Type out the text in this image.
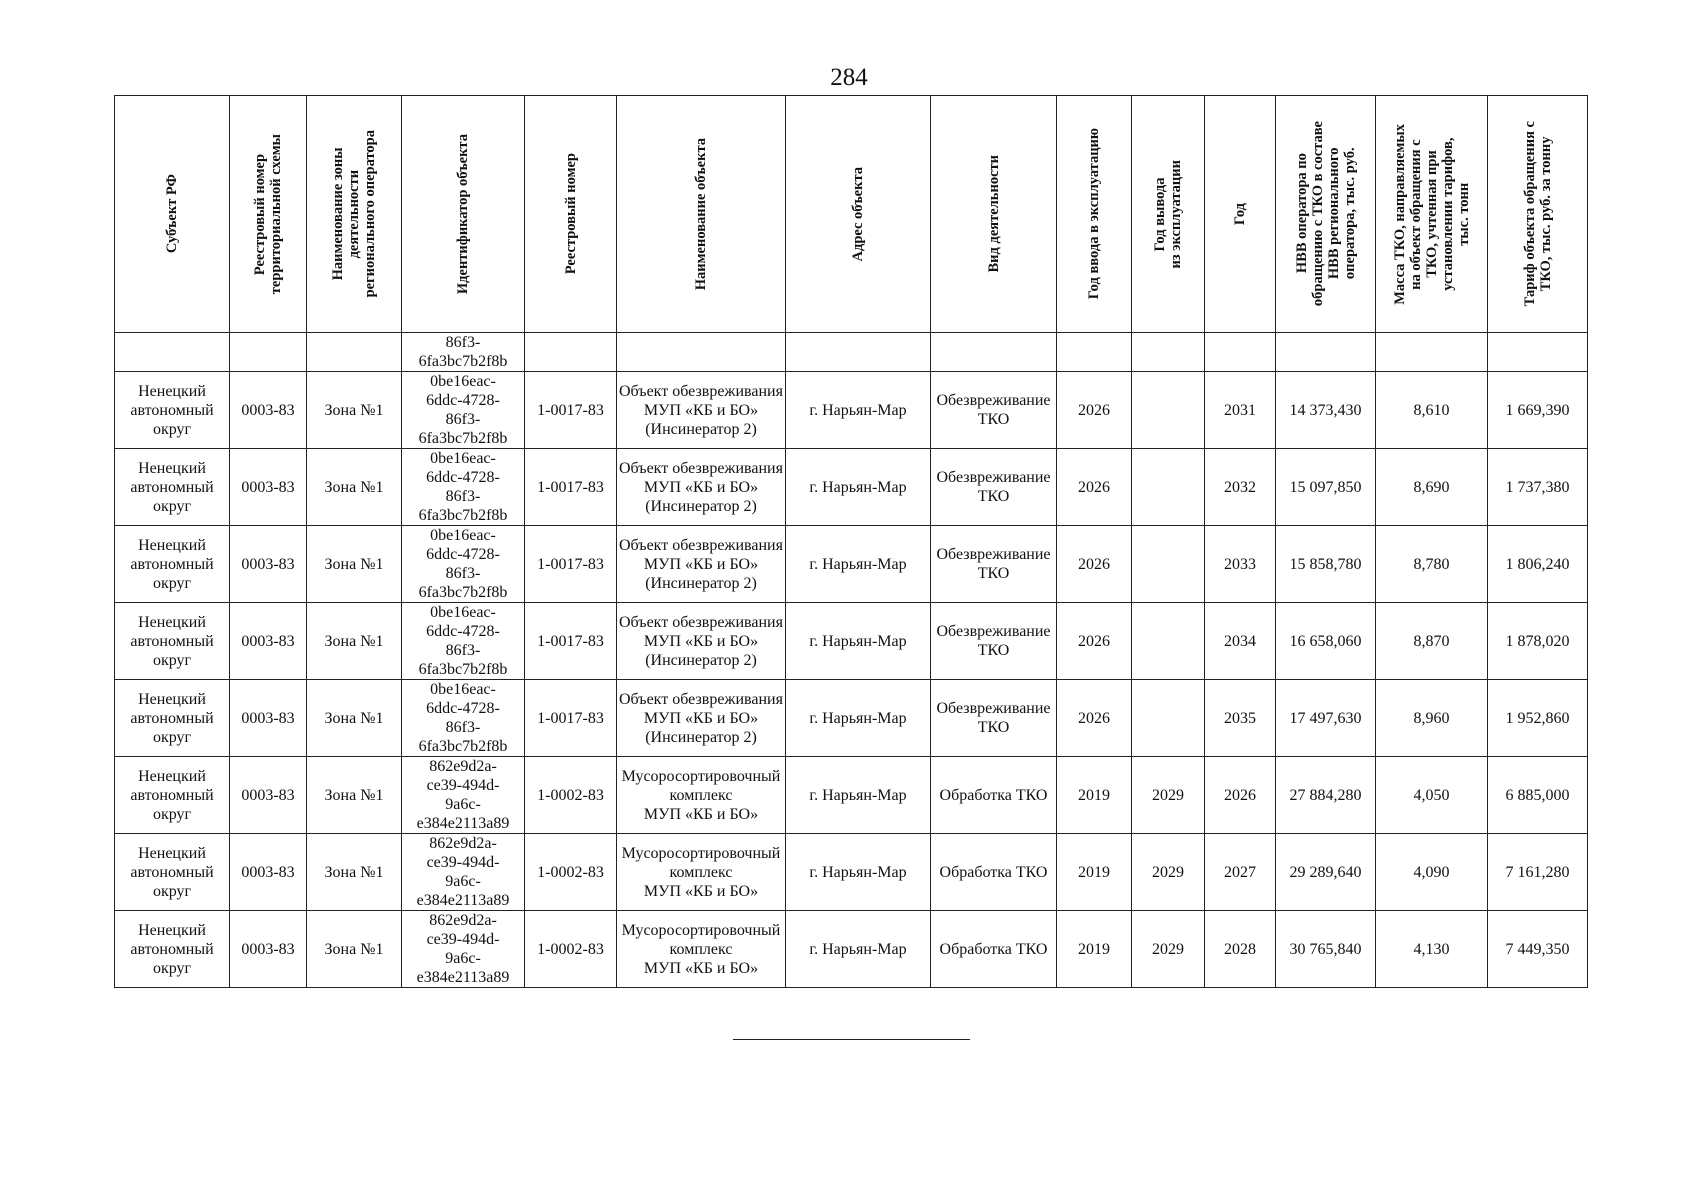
284
Субъект РФ	Реестровый номер
территориальной схемы	Наименование зоны
деятельности
регионального оператора	Идентификатор объекта	Реестровый номер	Наименование объекта	Адрес объекта	Вид деятельности	Год ввода в эксплуатацию	Год вывода
из эксплуатации	Год	НВВ оператора по
обращению с ТКО в составе
НВВ регионального
оператора, тыс. руб.	Масса ТКО, направляемых
на объект обращения с
ТКО, учтенная при
установлении тарифов,
тыс. тонн	Тариф объекта обращения с
ТКО, тыс. руб. за тонну

			86f3-
6fa3bc7b2f8b										
Ненецкий
автономный
округ	0003-83	Зона №1	0be16eac-
6ddc-4728-
86f3-
6fa3bc7b2f8b	1-0017-83	Объект обезвреживания
МУП «КБ и БО»
(Инсинератор 2)	г. Нарьян-Мар	Обезвреживание
ТКО	2026		2031	14 373,430	8,610	1 669,390
Ненецкий
автономный
округ	0003-83	Зона №1	0be16eac-
6ddc-4728-
86f3-
6fa3bc7b2f8b	1-0017-83	Объект обезвреживания
МУП «КБ и БО»
(Инсинератор 2)	г. Нарьян-Мар	Обезвреживание
ТКО	2026		2032	15 097,850	8,690	1 737,380
Ненецкий
автономный
округ	0003-83	Зона №1	0be16eac-
6ddc-4728-
86f3-
6fa3bc7b2f8b	1-0017-83	Объект обезвреживания
МУП «КБ и БО»
(Инсинератор 2)	г. Нарьян-Мар	Обезвреживание
ТКО	2026		2033	15 858,780	8,780	1 806,240
Ненецкий
автономный
округ	0003-83	Зона №1	0be16eac-
6ddc-4728-
86f3-
6fa3bc7b2f8b	1-0017-83	Объект обезвреживания
МУП «КБ и БО»
(Инсинератор 2)	г. Нарьян-Мар	Обезвреживание
ТКО	2026		2034	16 658,060	8,870	1 878,020
Ненецкий
автономный
округ	0003-83	Зона №1	0be16eac-
6ddc-4728-
86f3-
6fa3bc7b2f8b	1-0017-83	Объект обезвреживания
МУП «КБ и БО»
(Инсинератор 2)	г. Нарьян-Мар	Обезвреживание
ТКО	2026		2035	17 497,630	8,960	1 952,860
Ненецкий
автономный
округ	0003-83	Зона №1	862e9d2a-
ce39-494d-
9a6c-
e384e2113a89	1-0002-83	Мусоросортировочный
комплекс
МУП «КБ и БО»	г. Нарьян-Мар	Обработка ТКО	2019	2029	2026	27 884,280	4,050	6 885,000
Ненецкий
автономный
округ	0003-83	Зона №1	862e9d2a-
ce39-494d-
9a6c-
e384e2113a89	1-0002-83	Мусоросортировочный
комплекс
МУП «КБ и БО»	г. Нарьян-Мар	Обработка ТКО	2019	2029	2027	29 289,640	4,090	7 161,280
Ненецкий
автономный
округ	0003-83	Зона №1	862e9d2a-
ce39-494d-
9a6c-
e384e2113a89	1-0002-83	Мусоросортировочный
комплекс
МУП «КБ и БО»	г. Нарьян-Мар	Обработка ТКО	2019	2029	2028	30 765,840	4,130	7 449,350
